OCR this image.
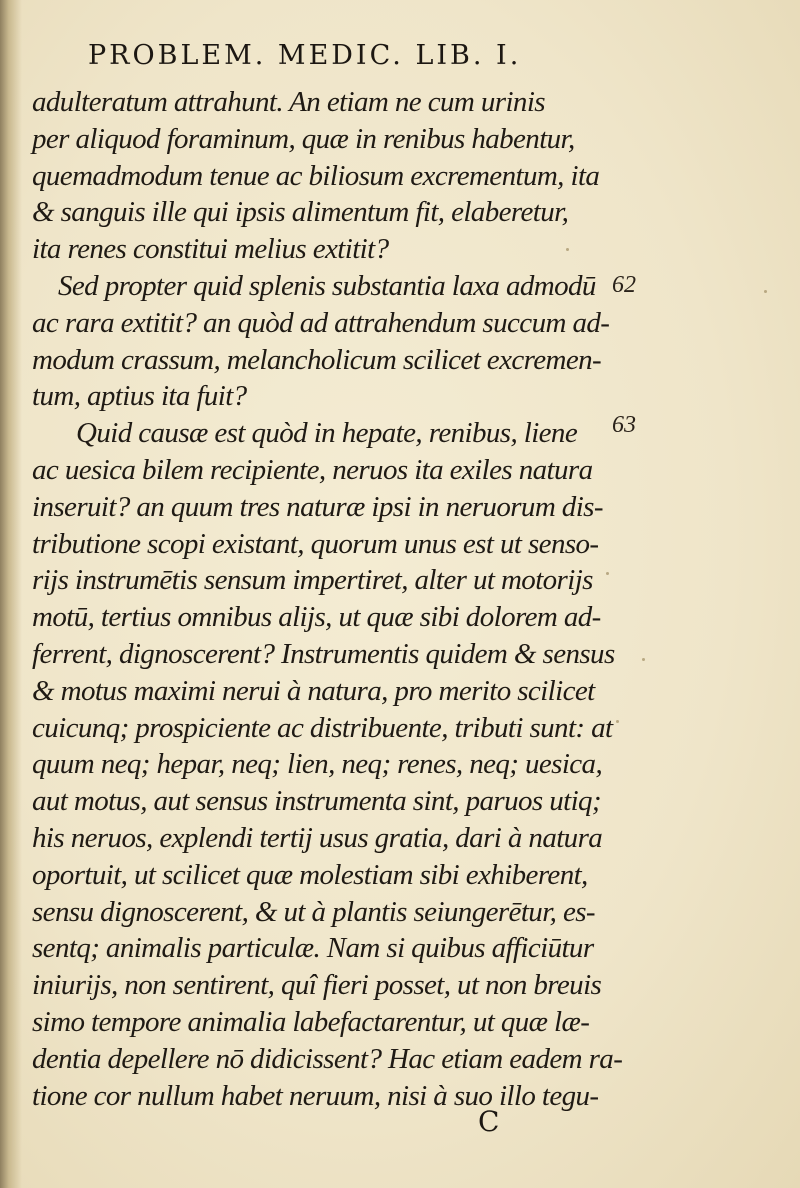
PROBLEM. MEDIC. LIB. I.
adulteratum attrahunt. An etiam ne cum urinis
per aliquod foraminum, quæ in renibus habentur,
quemadmodum tenue ac biliosum excrementum, ita
& sanguis ille qui ipsis alimentum fit, elaberetur,
ita renes constitui melius extitit?
Sed propter quid splenis substantia laxa admodū
ac rara extitit? an quòd ad attrahendum succum ad-
modum crassum, melancholicum scilicet excremen-
tum, aptius ita fuit?
Quid causæ est quòd in hepate, renibus, liene
ac uesica bilem recipiente, neruos ita exiles natura
inseruit? an quum tres naturæ ipsi in neruorum dis-
tributione scopi existant, quorum unus est ut senso-
rijs instrumētis sensum impertiret, alter ut motorijs
motū, tertius omnibus alijs, ut quæ sibi dolorem ad-
ferrent, dignoscerent? Instrumentis quidem & sensus
& motus maximi nerui à natura, pro merito scilicet
cuicunq; prospiciente ac distribuente, tributi sunt: at
quum neq; hepar, neq; lien, neq; renes, neq; uesica,
aut motus, aut sensus instrumenta sint, paruos utiq;
his neruos, explendi tertij usus gratia, dari à natura
oportuit, ut scilicet quæ molestiam sibi exhiberent,
sensu dignoscerent, & ut à plantis seiungerētur, es-
sentq; animalis particulæ. Nam si quibus afficiūtur
iniurijs, non sentirent, quî fieri posset, ut non breuis
simo tempore animalia labefactarentur, ut quæ læ-
dentia depellere nō didicissent? Hac etiam eadem ra-
tione cor nullum habet neruum, nisi à suo illo tegu-
62
63
C
